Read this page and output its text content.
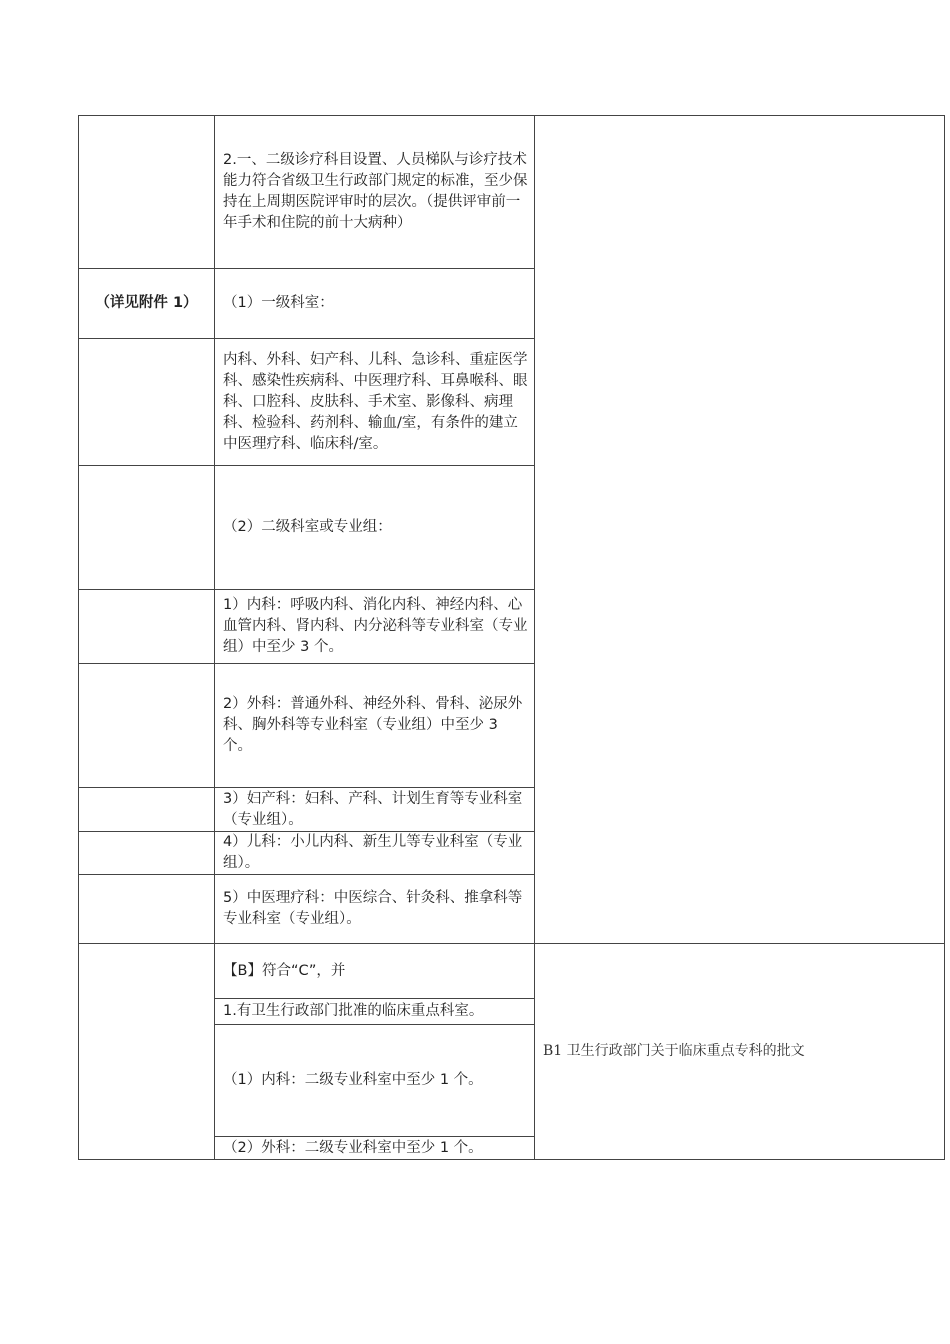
	2.一、二级诊疗科目设置、人员梯队与诊疗技术能力符合省级卫生行政部门规定的标准，至少保持在上周期医院评审时的层次。（提供评审前一年手术和住院的前十大病种）	
（详见附件 1）	（1）一级科室：	
	内科、外科、妇产科、儿科、急诊科、重症医学科、感染性疾病科、中医理疗科、耳鼻喉科、眼科、口腔科、皮肤科、手术室、影像科、病理科、检验科、药剂科、输血/室，有条件的建立中医理疗科、临床科/室。	
	（2）二级科室或专业组：	
	1）内科：呼吸内科、消化内科、神经内科、心血管内科、肾内科、内分泌科等专业科室（专业组）中至少 3 个。	
	2）外科：普通外科、神经外科、骨科、泌尿外科、胸外科等专业科室（专业组）中至少 3 个。	
	3）妇产科：妇科、产科、计划生育等专业科室（专业组）。	
	4）儿科：小儿内科、新生儿等专业科室（专业组）。	
	5）中医理疗科：中医综合、针灸科、推拿科等专业科室（专业组）。	
	【B】符合“C”，并	B1 卫生行政部门关于临床重点专科的批文
	1.有卫生行政部门批准的临床重点科室。	
	（1）内科：二级专业科室中至少 1 个。	
	（2）外科：二级专业科室中至少 1 个。	
